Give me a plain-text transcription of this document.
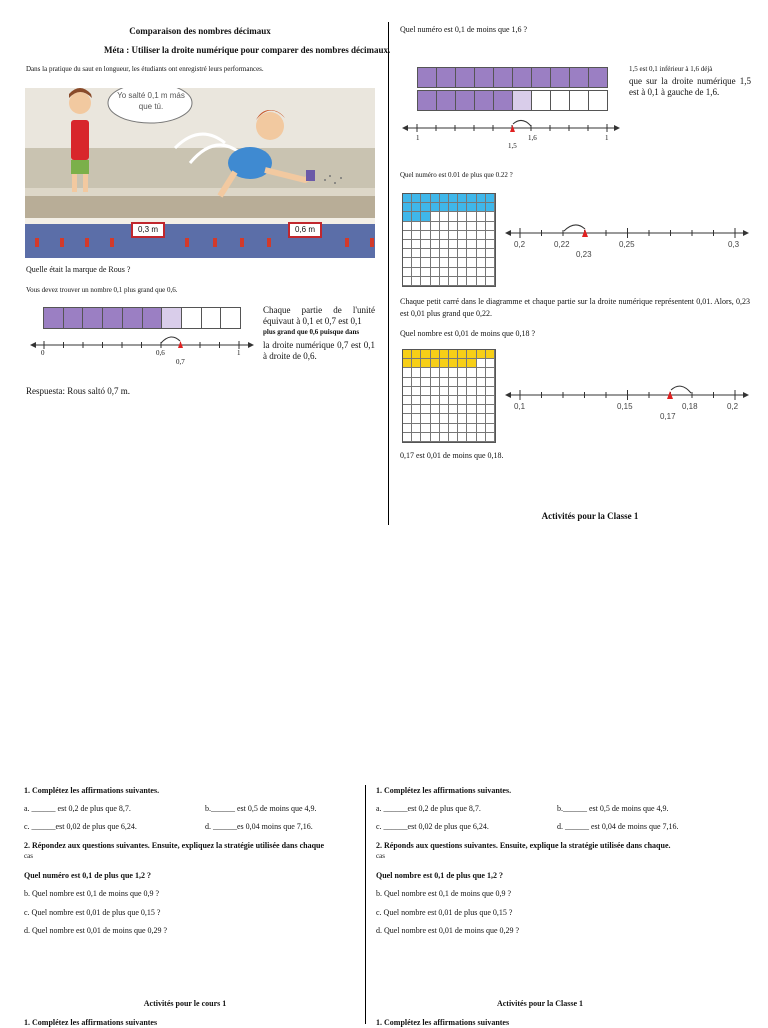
Comparaison des nombres décimaux
Méta : Utiliser la droite numérique pour comparer des nombres décimaux.
Dans la pratique du saut en longueur, les étudiants ont enregistré leurs performances.
Yo salté 0,1 m más que tú.
0,3 m	0,6 m
Quelle était la marque de Rous ?
Vous devez trouver un nombre 0,1 plus grand que 0,6.
0	0,6	1
0,7
Chaque partie de l'unité équivaut à 0,1 et 0,7 est 0,1
plus grand que 0,6 puisque dans
la droite numérique 0,7 est 0,1 à droite de 0,6.
Respuesta: Rous saltó 0,7 m.
Quel numéro est 0,1 de moins que 1,6 ?
1	1,6	1
1,5
1,5 est 0,1 inférieur à 1,6 déjà
que sur la droite numérique 1,5 est à 0,1 à gauche de 1,6.
Quel numéro est 0.01 de plus que 0.22 ?
0,2	0,22	0,25	0,3
0,23
Chaque petit carré dans le diagramme et chaque partie sur la droite numérique représentent 0,01. Alors, 0,23 est 0,01 plus grand que 0,22.
Quel nombre est 0,01 de moins que 0,18 ?
0,1	0,15	0,18	0,2
0,17
0,17 est 0,01 de moins que 0,18.
Activités pour la Classe 1
1. Complétez les affirmations suivantes.
a. ______ est 0,2 de plus que 8,7.	b.______ est 0,5 de moins que 4,9.
c. ______est 0,02 de plus que 6,24.	d. ______es 0,04 moins que 7,16.
2. Répondez aux questions suivantes. Ensuite, expliquez la stratégie utilisée dans chaque
cas
Quel numéro est 0,1 de plus que 1,2 ?
b. Quel nombre est 0,1 de moins que 0,9 ?
c. Quel nombre est 0,01 de plus que 0,15 ?
d. Quel nombre est 0,01 de moins que 0,29 ?
Activités pour le cours 1
1. Complétez les affirmations suivantes
1. Complétez les affirmations suivantes.
a. ______est 0,2 de plus que 8,7.	b.______ est 0,5 de moins que 4,9.
c. ______est 0,02 de plus que 6,24.	d. ______ est 0,04 de moins que 7,16.
2. Réponds aux questions suivantes. Ensuite, explique la stratégie utilisée dans chaque.
cas
Quel nombre est 0,1 de plus que 1,2 ?
b. Quel nombre est 0,1 de moins que 0,9 ?
c. Quel nombre est 0,01 de plus que 0,15 ?
d. Quel nombre est 0,01 de moins que 0,29 ?
Activités pour la Classe 1
1. Complétez les affirmations suivantes
